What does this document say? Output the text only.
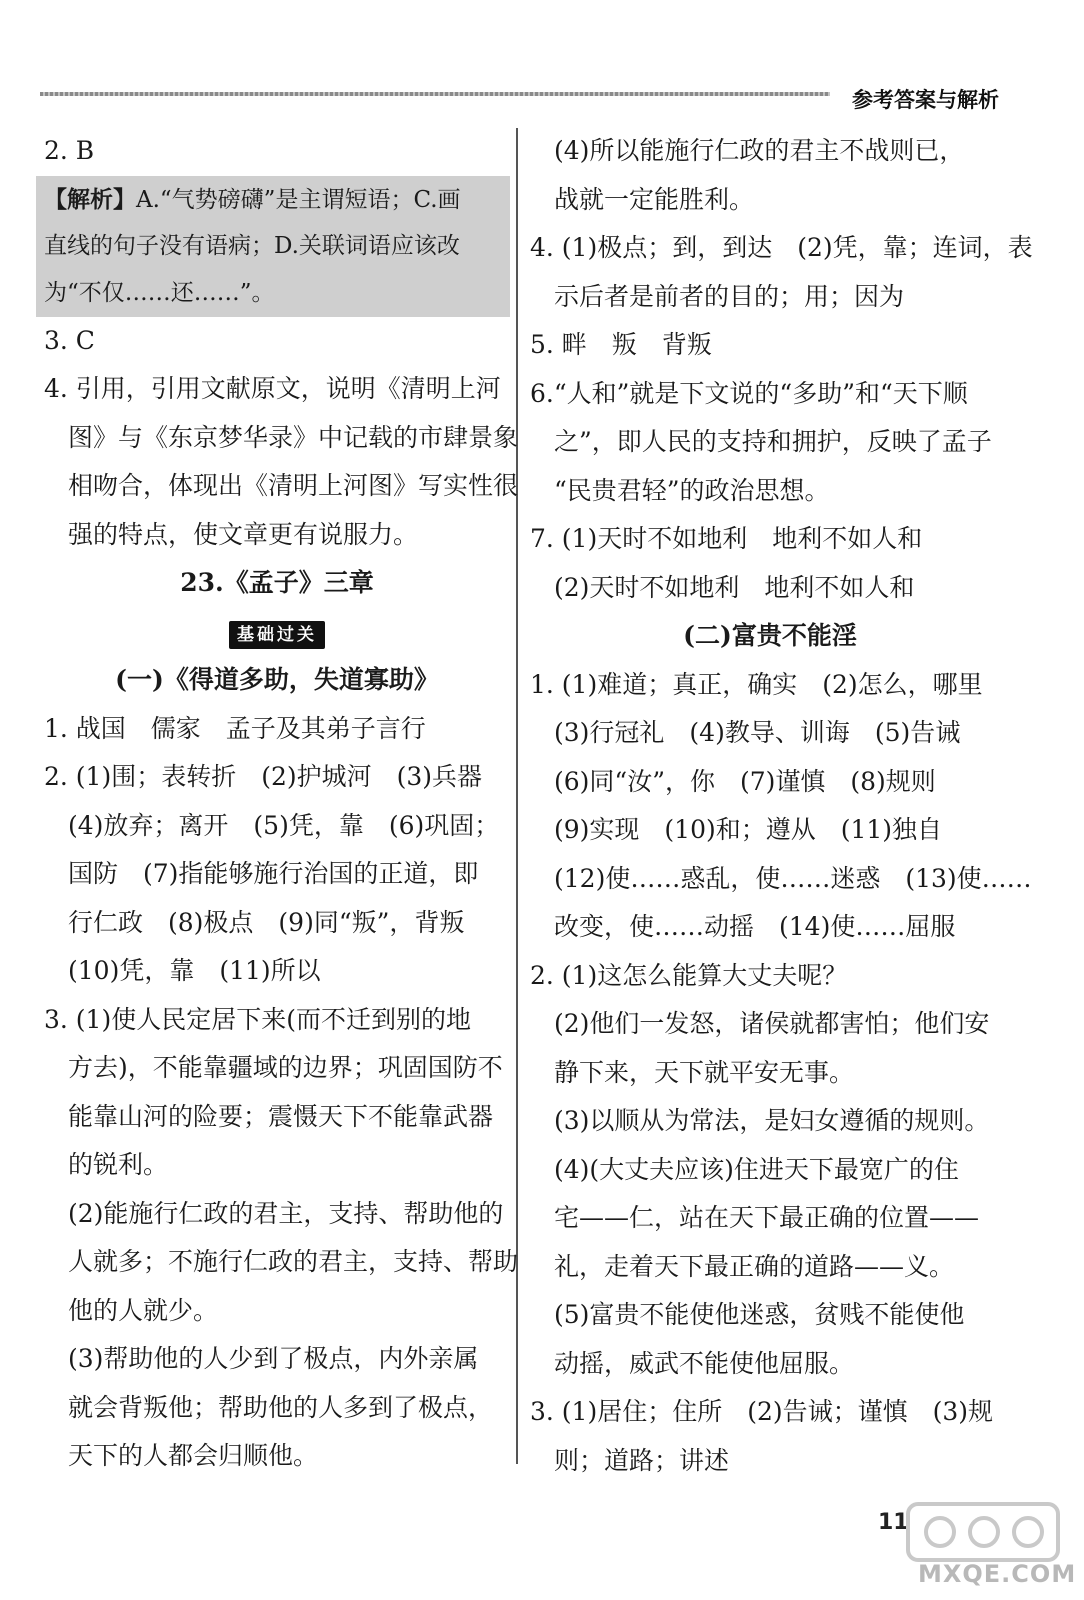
参考答案与解析
2. B
【解析】A.“气势磅礴”是主谓短语；C.画
直线的句子没有语病；D.关联词语应该改
为“不仅……还……”。
3. C
4. 引用，引用文献原文，说明《清明上河
图》与《东京梦华录》中记载的市肆景象
相吻合，体现出《清明上河图》写实性很
强的特点，使文章更有说服力。
23.《孟子》三章
基础过关
(一)《得道多助，失道寡助》
1. 战国　儒家　孟子及其弟子言行
2. (1)围；表转折　(2)护城河　(3)兵器
(4)放弃；离开　(5)凭，靠　(6)巩固；
国防　(7)指能够施行治国的正道，即
行仁政　(8)极点　(9)同“叛”，背叛
(10)凭，靠　(11)所以
3. (1)使人民定居下来(而不迁到别的地
方去)，不能靠疆域的边界；巩固国防不
能靠山河的险要；震慑天下不能靠武器
的锐利。
(2)能施行仁政的君主，支持、帮助他的
人就多；不施行仁政的君主，支持、帮助
他的人就少。
(3)帮助他的人少到了极点，内外亲属
就会背叛他；帮助他的人多到了极点，
天下的人都会归顺他。
(4)所以能施行仁政的君主不战则已，
战就一定能胜利。
4. (1)极点；到，到达　(2)凭，靠；连词，表
示后者是前者的目的；用；因为
5. 畔　叛　背叛
6.“人和”就是下文说的“多助”和“天下顺
之”，即人民的支持和拥护，反映了孟子
“民贵君轻”的政治思想。
7. (1)天时不如地利　地利不如人和
(2)天时不如地利　地利不如人和
(二)富贵不能淫
1. (1)难道；真正，确实　(2)怎么，哪里
(3)行冠礼　(4)教导、训诲　(5)告诫
(6)同“汝”，你　(7)谨慎　(8)规则
(9)实现　(10)和；遵从　(11)独自
(12)使……惑乱，使……迷惑　(13)使……
改变，使……动摇　(14)使……屈服
2. (1)这怎么能算大丈夫呢？
(2)他们一发怒，诸侯就都害怕；他们安
静下来，天下就平安无事。
(3)以顺从为常法，是妇女遵循的规则。
(4)(大丈夫应该)住进天下最宽广的住
宅——仁，站在天下最正确的位置——
礼，走着天下最正确的道路——义。
(5)富贵不能使他迷惑，贫贱不能使他
动摇，威武不能使他屈服。
3. (1)居住；住所　(2)告诫；谨慎　(3)规
则；道路；讲述
11
MXQE.COM
